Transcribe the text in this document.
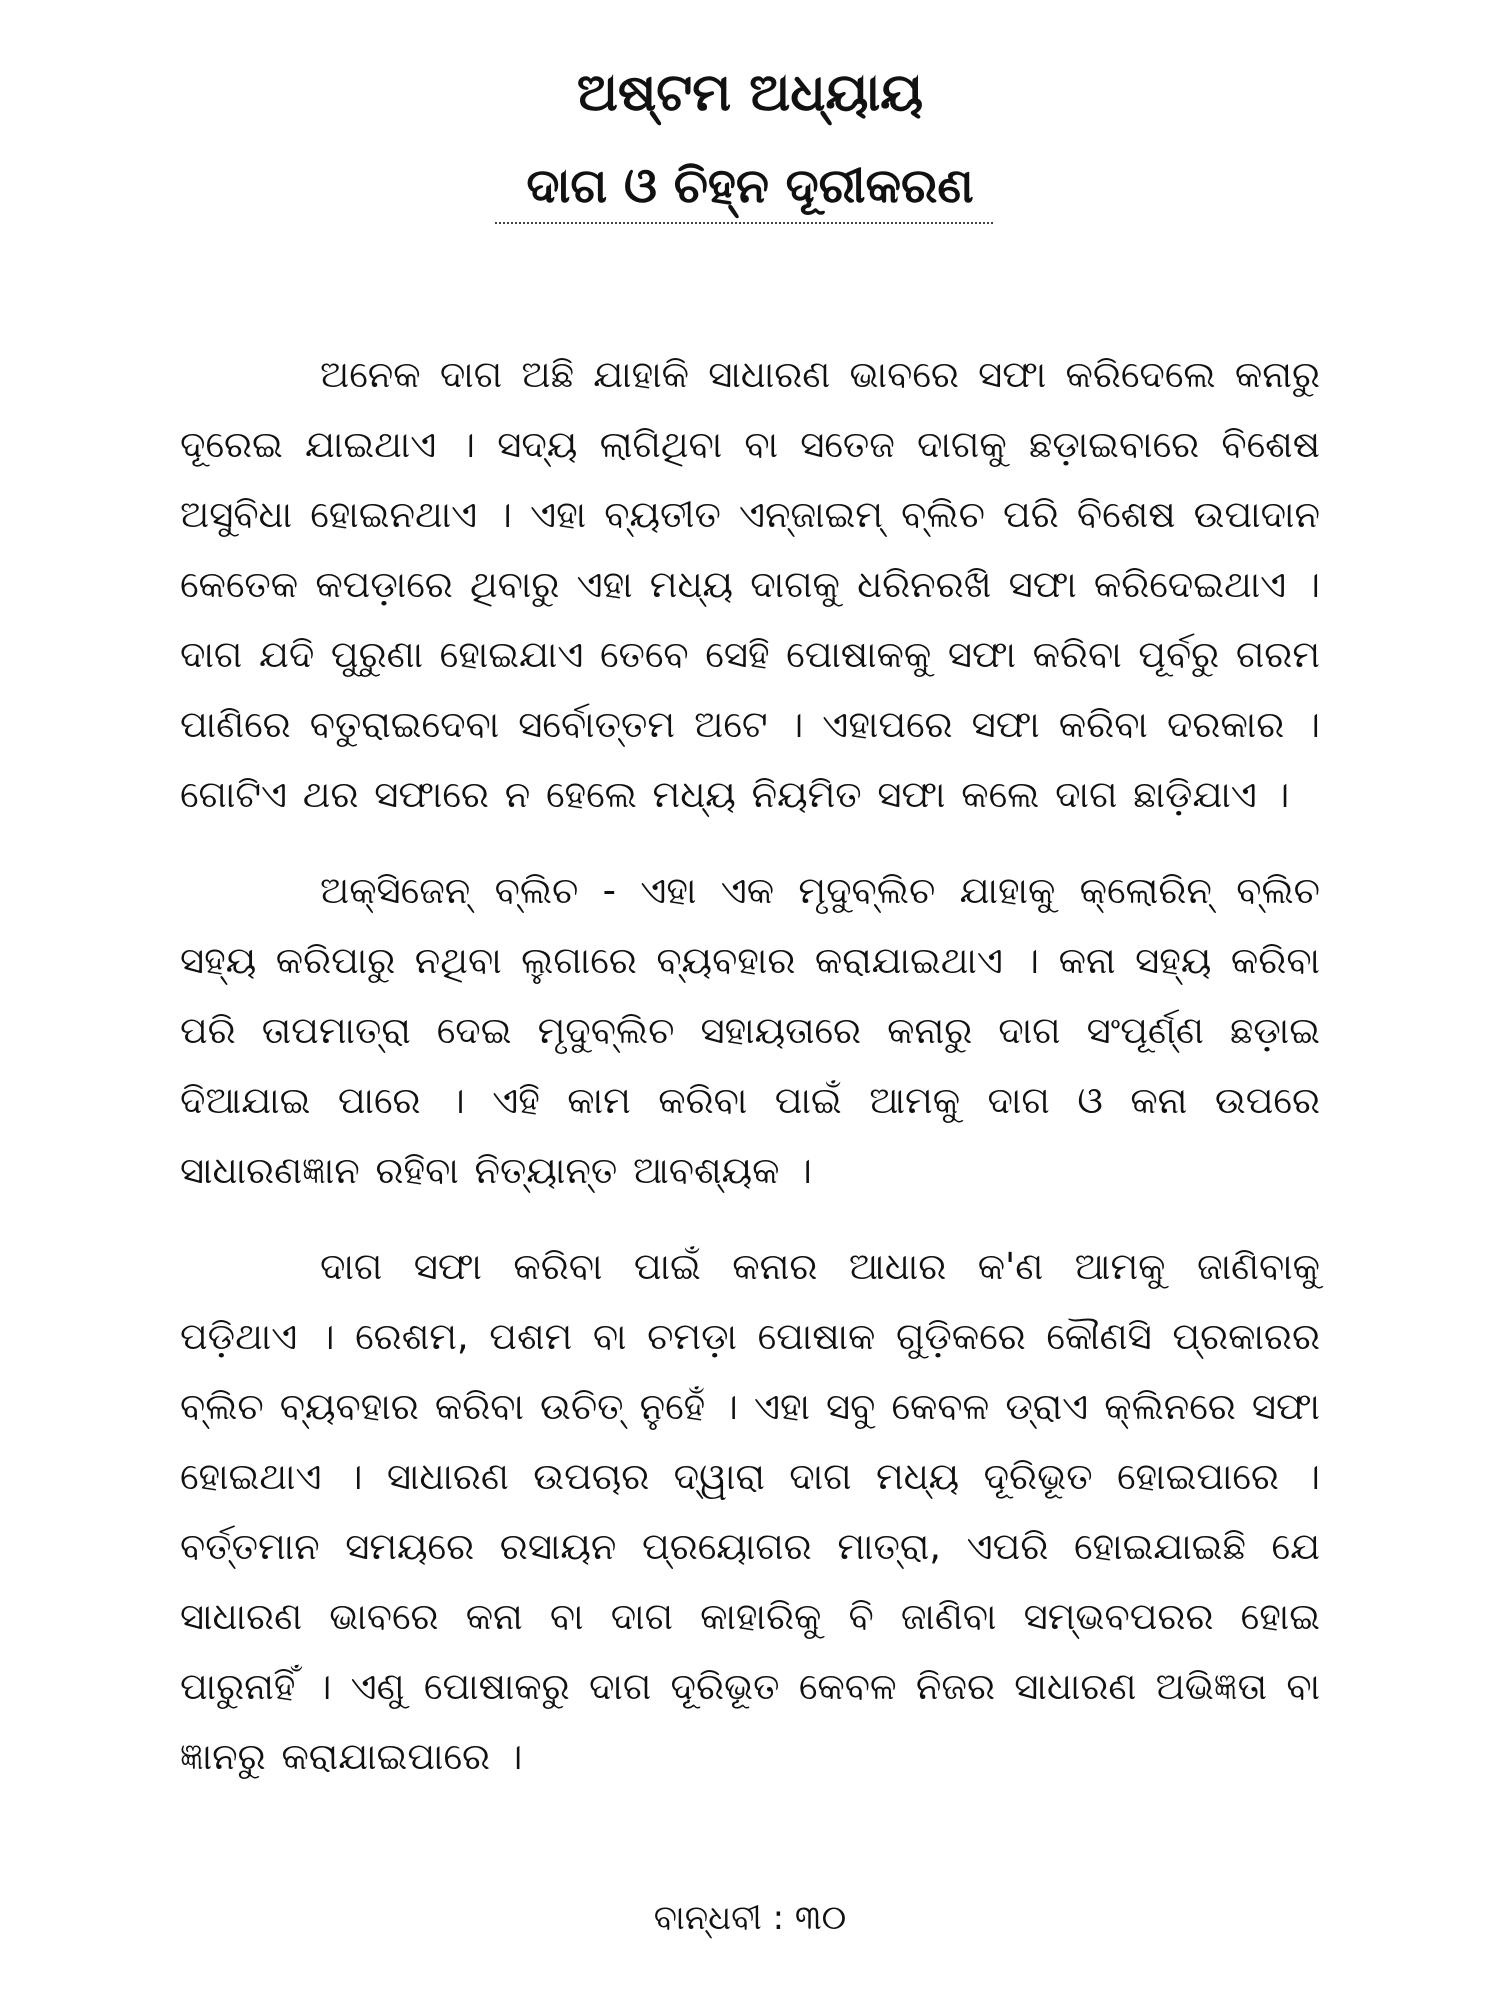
ଅଷ୍ଟମ ଅଧ୍ୟାୟ
ଦାଗ ଓ ଚିହ୍ନ ଦୂରୀକରଣ

ଅନେକ ଦାଗ ଅଛି ଯାହାକି ସାଧାରଣ ଭାବରେ ସଫା କରିଦେଲେ କନାରୁ ଦୂରେଇ ଯାଇଥାଏ । ସଦ୍ୟ ଲାଗିଥିବା ବା ସତେଜ ଦାଗକୁ ଛଡ଼ାଇବାରେ ବିଶେଷ ଅସୁବିଧା ହୋଇନଥାଏ । ଏହା ବ୍ୟତୀତ ଏନ୍‌ଜାଇମ୍ ବ୍ଲିଚ ପରି ବିଶେଷ ଉପାଦାନ କେତେକ କପଡ଼ାରେ ଥିବାରୁ ଏହା ମଧ୍ୟ ଦାଗକୁ ଧରିନରଖି ସଫା କରିଦେଇଥାଏ । ଦାଗ ଯଦି ପୁରୁଣା ହୋଇଯାଏ ତେବେ ସେହି ପୋଷାକକୁ ସଫା କରିବା ପୂର୍ବରୁ ଗରମ ପାଣିରେ ବତୁରାଇଦେବା ସର୍ବୋତ୍ତମ ଅଟେ । ଏହାପରେ ସଫା କରିବା ଦରକାର । ଗୋଟିଏ ଥର ସଫାରେ ନ ହେଲେ ମଧ୍ୟ ନିୟମିତ ସଫା କଲେ ଦାଗ ଛାଡ଼ିଯାଏ ।

ଅକ୍ସିଜେନ୍ ବ୍ଲିଚ - ଏହା ଏକ ମୃଦୁବ୍ଲିଚ ଯାହାକୁ କ୍ଲୋରିନ୍ ବ୍ଲିଚ ସହ୍ୟ କରିପାରୁ ନଥିବା ଲୁଗାରେ ବ୍ୟବହାର କରାଯାଇଥାଏ । କନା ସହ୍ୟ କରିବା ପରି ତାପମାତ୍ରା ଦେଇ ମୃଦୁବ୍ଲିଚ ସହାୟତାରେ କନାରୁ ଦାଗ ସଂପୂର୍ଣ୍ଣ ଛଡ଼ାଇ ଦିଆଯାଇ ପାରେ । ଏହି କାମ କରିବା ପାଇଁ ଆମକୁ ଦାଗ ଓ କନା ଉପରେ ସାଧାରଣଜ୍ଞାନ ରହିବା ନିତ୍ୟାନ୍ତ ଆବଶ୍ୟକ ।

ଦାଗ ସଫା କରିବା ପାଇଁ କନାର ଆଧାର କ'ଣ ଆମକୁ ଜାଣିବାକୁ ପଡ଼ିଥାଏ । ରେଶମ, ପଶମ ବା ଚମଡ଼ା ପୋଷାକ ଗୁଡ଼ିକରେ କୌଣସି ପ୍ରକାରର ବ୍ଲିଚ ବ୍ୟବହାର କରିବା ଉଚିତ୍ ନୁହେଁ । ଏହା ସବୁ କେବଳ ଡ୍ରାଏ କ୍ଲିନରେ ସଫା ହୋଇଥାଏ । ସାଧାରଣ ଉପଚାର ଦ୍ୱାରା ଦାଗ ମଧ୍ୟ ଦୂରିଭୂତ ହୋଇପାରେ । ବର୍ତ୍ତମାନ ସମୟରେ ରସାୟନ ପ୍ରୟୋଗର ମାତ୍ରା, ଏପରି ହୋଇଯାଇଛି ଯେ ସାଧାରଣ ଭାବରେ କନା ବା ଦାଗ କାହାରିକୁ ବି ଜାଣିବା ସମ୍ଭବପରର ହୋଇ ପାରୁନାହିଁ । ଏଣୁ ପୋଷାକରୁ ଦାଗ ଦୂରିଭୂତ କେବଳ ନିଜର ସାଧାରଣ ଅଭିଜ୍ଞତା ବା ଜ୍ଞାନରୁ କରାଯାଇପାରେ ।

ବାନ୍ଧବୀ : ୩୦
